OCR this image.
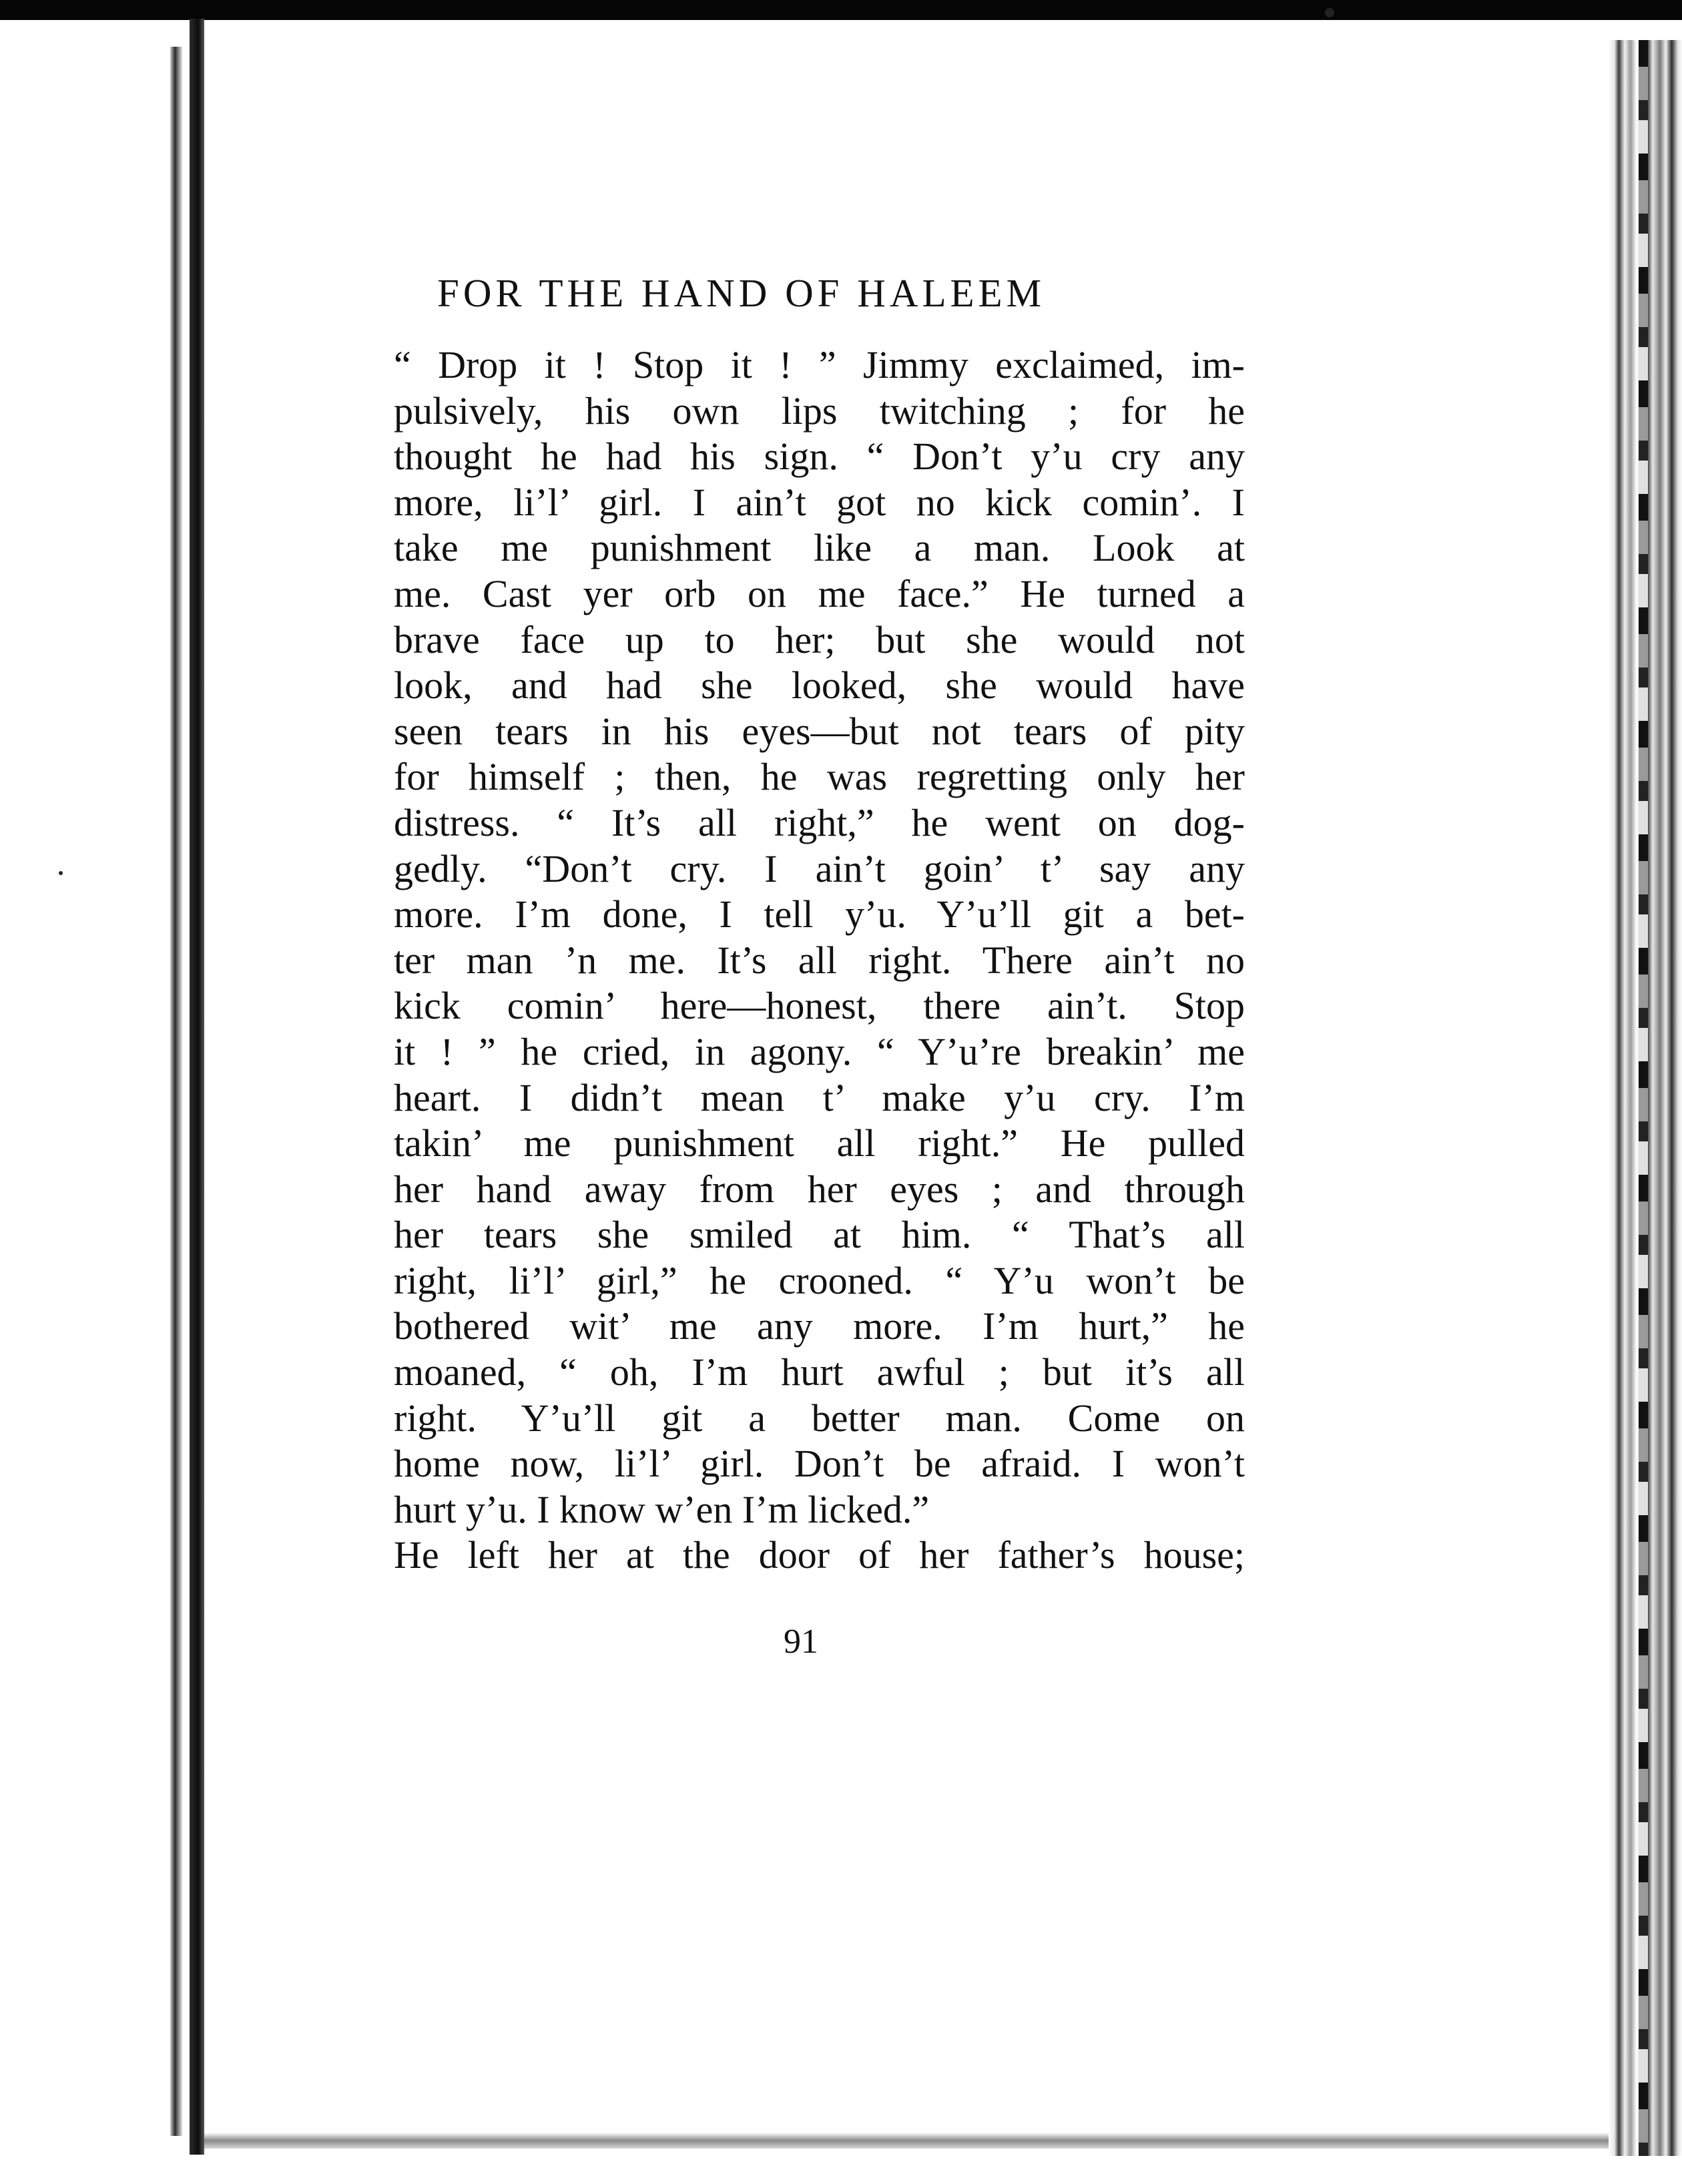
FOR THE HAND OF HALEEM
“ Drop it ! Stop it ! ” Jimmy exclaimed, im-
pulsively, his own lips twitching ; for he
thought he had his sign. “ Don’t y’u cry any
more, li’l’ girl. I ain’t got no kick comin’. I
take me punishment like a man. Look at
me. Cast yer orb on me face.” He turned a
brave face up to her; but she would not
look, and had she looked, she would have
seen tears in his eyes—but not tears of pity
for himself ; then, he was regretting only her
distress. “ It’s all right,” he went on dog-
gedly. “Don’t cry. I ain’t goin’ t’ say any
more. I’m done, I tell y’u. Y’u’ll git a bet-
ter man ’n me. It’s all right. There ain’t no
kick comin’ here—honest, there ain’t. Stop
it ! ” he cried, in agony. “ Y’u’re breakin’ me
heart. I didn’t mean t’ make y’u cry. I’m
takin’ me punishment all right.” He pulled
her hand away from her eyes ; and through
her tears she smiled at him. “ That’s all
right, li’l’ girl,” he crooned. “ Y’u won’t be
bothered wit’ me any more. I’m hurt,” he
moaned, “ oh, I’m hurt awful ; but it’s all
right. Y’u’ll git a better man. Come on
home now, li’l’ girl. Don’t be afraid. I won’t
hurt y’u. I know w’en I’m licked.”
He left her at the door of her father’s house;
91
